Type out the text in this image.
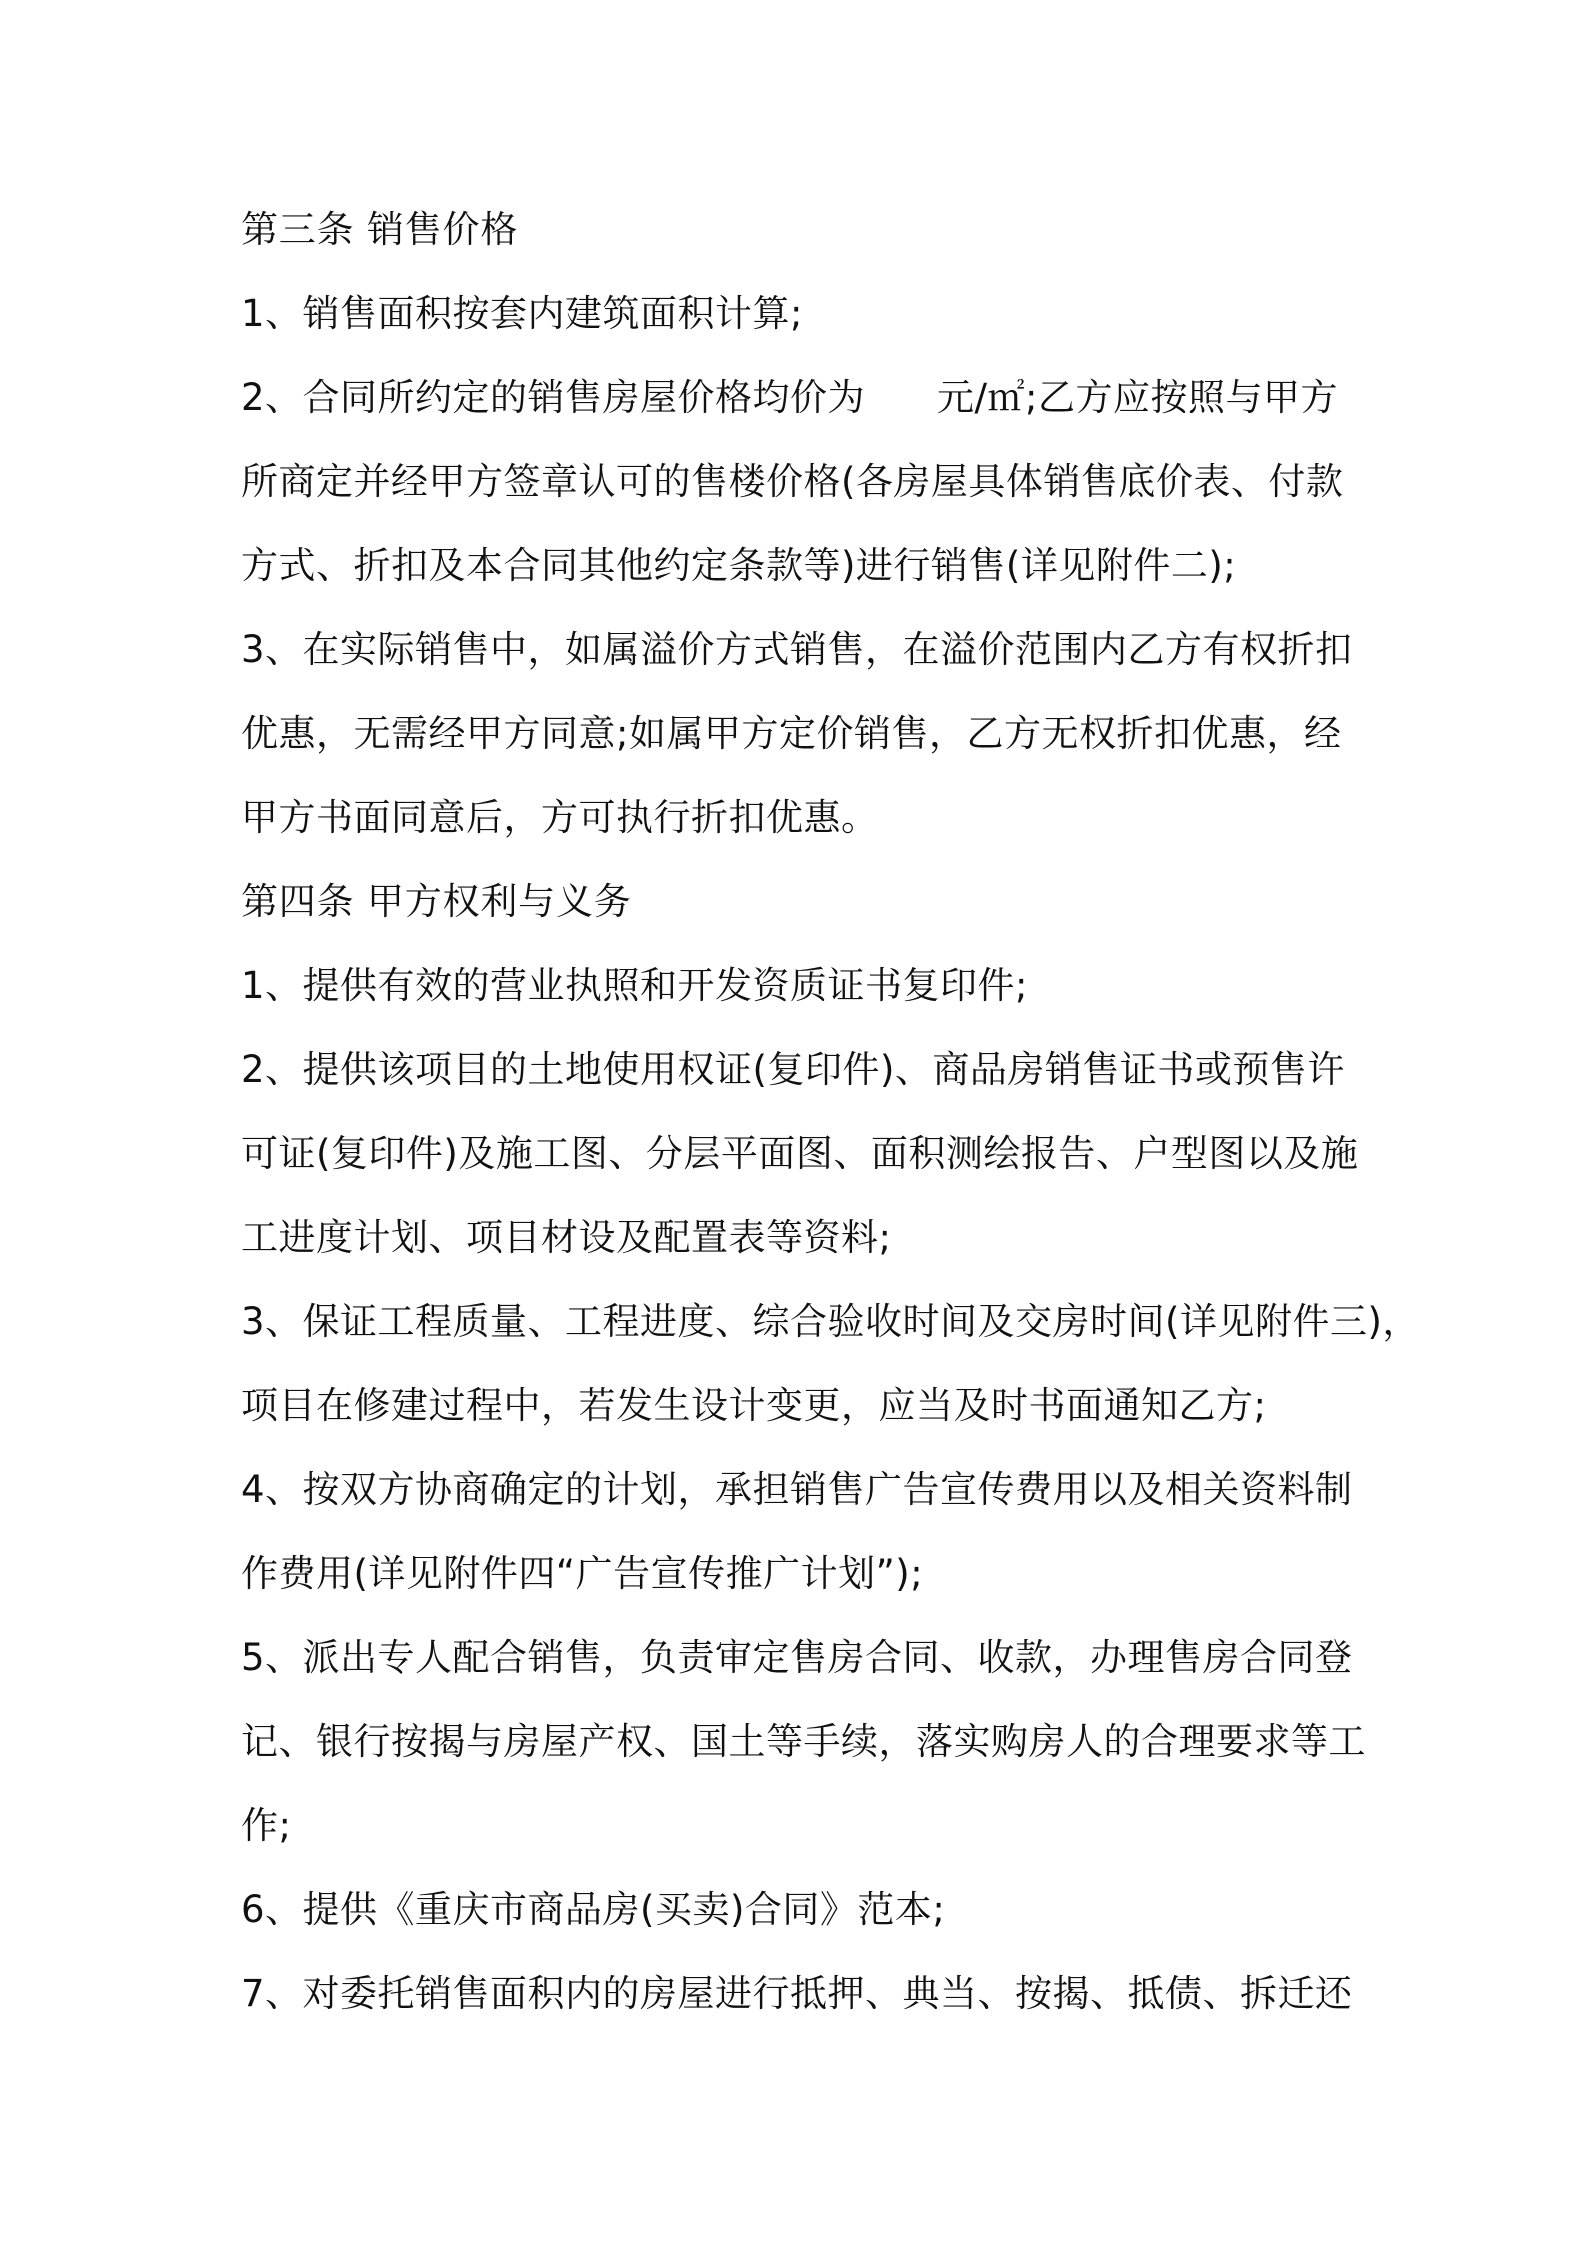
第三条 销售价格
1、销售面积按套内建筑面积计算;
2、合同所约定的销售房屋价格均价为 元/㎡;乙方应按照与甲方
所商定并经甲方签章认可的售楼价格(各房屋具体销售底价表、付款
方式、折扣及本合同其他约定条款等)进行销售(详见附件二);
3、在实际销售中，如属溢价方式销售，在溢价范围内乙方有权折扣
优惠，无需经甲方同意;如属甲方定价销售，乙方无权折扣优惠，经
甲方书面同意后，方可执行折扣优惠。
第四条 甲方权利与义务
1、提供有效的营业执照和开发资质证书复印件;
2、提供该项目的土地使用权证(复印件)、商品房销售证书或预售许
可证(复印件)及施工图、分层平面图、面积测绘报告、户型图以及施
工进度计划、项目材设及配置表等资料;
3、保证工程质量、工程进度、综合验收时间及交房时间(详见附件三)，
项目在修建过程中，若发生设计变更，应当及时书面通知乙方;
4、按双方协商确定的计划，承担销售广告宣传费用以及相关资料制
作费用(详见附件四“广告宣传推广计划”);
5、派出专人配合销售，负责审定售房合同、收款，办理售房合同登
记、银行按揭与房屋产权、国土等手续，落实购房人的合理要求等工
作;
6、提供《重庆市商品房(买卖)合同》范本;
7、对委托销售面积内的房屋进行抵押、典当、按揭、抵债、拆迁还
